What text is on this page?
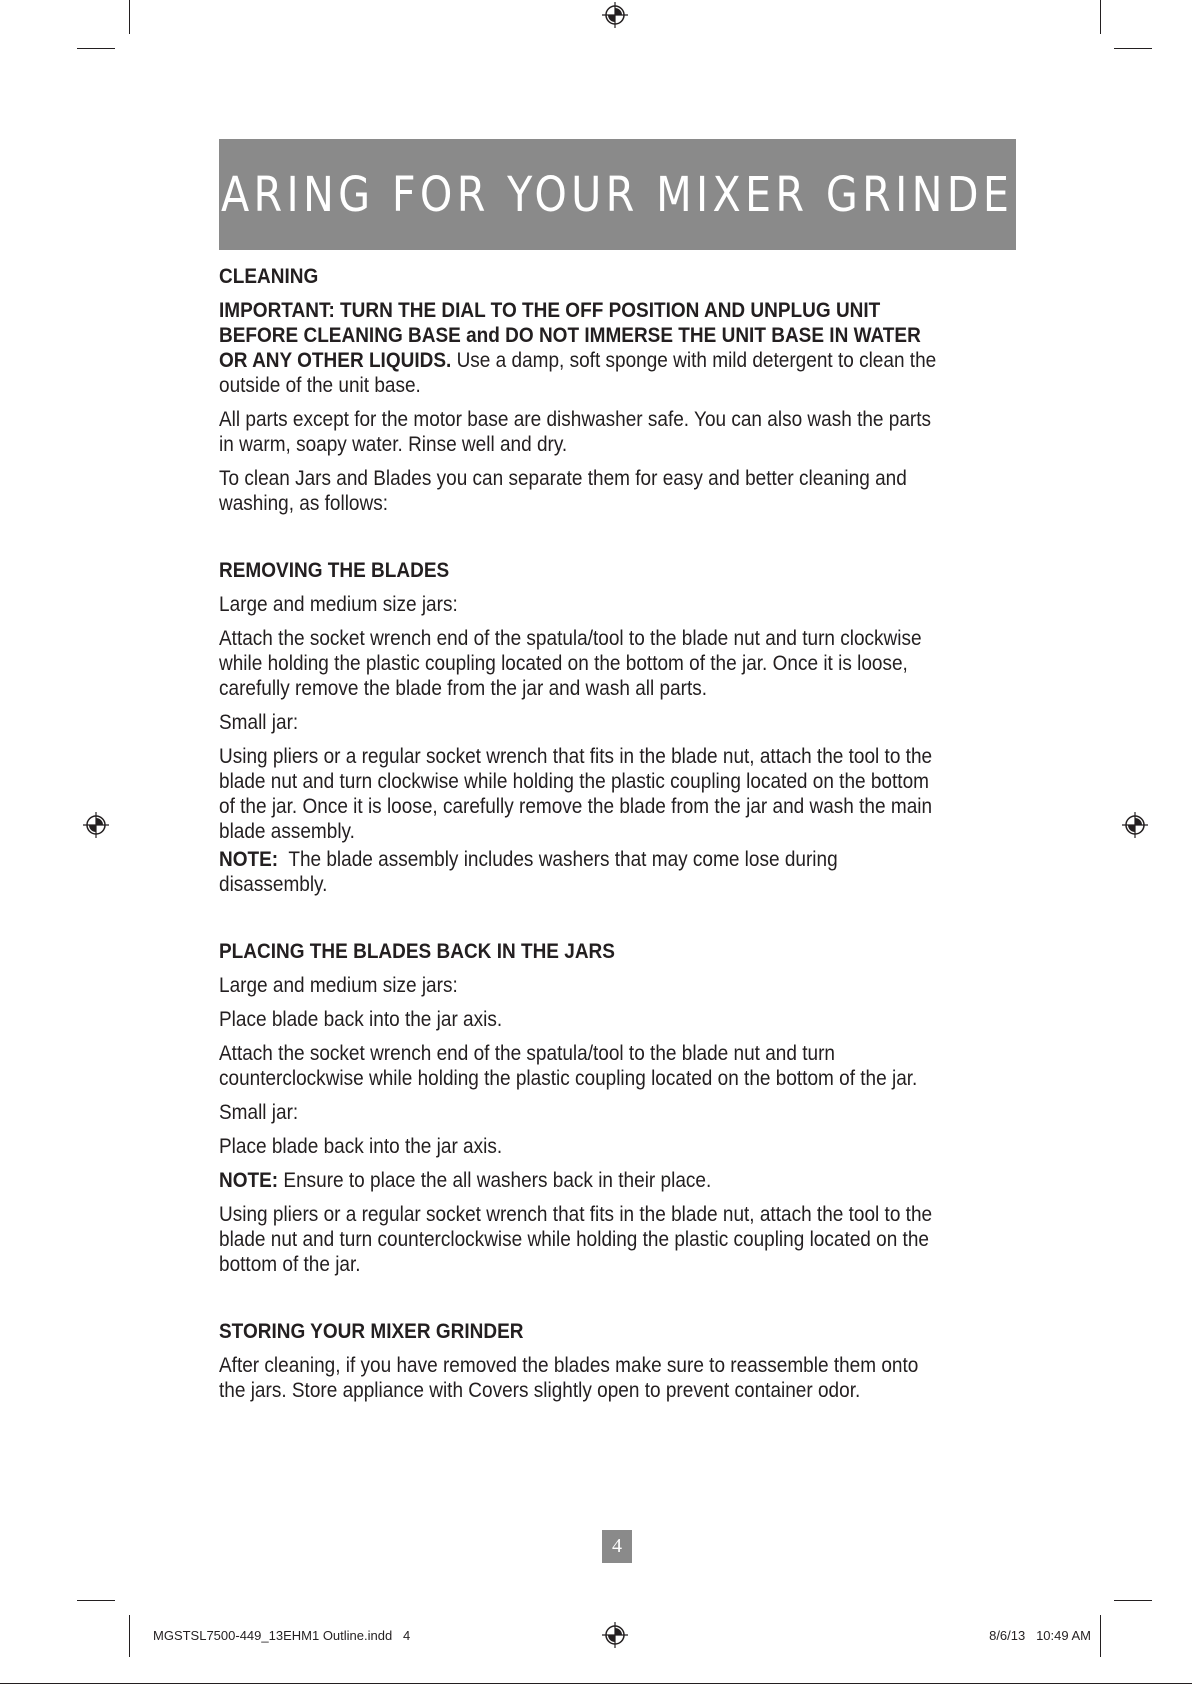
CARING FOR YOUR MIXER GRINDER
CLEANING

IMPORTANT: TURN THE DIAL TO THE OFF POSITION AND UNPLUG UNIT BEFORE CLEANING BASE and DO NOT IMMERSE THE UNIT BASE IN WATER OR ANY OTHER LIQUIDS. Use a damp, soft sponge with mild detergent to clean the outside of the unit base.

All parts except for the motor base are dishwasher safe. You can also wash the parts in warm, soapy water. Rinse well and dry.

To clean Jars and Blades you can separate them for easy and better cleaning and washing, as follows:

REMOVING THE BLADES

Large and medium size jars:

Attach the socket wrench end of the spatula/tool to the blade nut and turn clockwise while holding the plastic coupling located on the bottom of the jar. Once it is loose, carefully remove the blade from the jar and wash all parts.

Small jar:

Using pliers or a regular socket wrench that fits in the blade nut, attach the tool to the blade nut and turn clockwise while holding the plastic coupling located on the bottom of the jar. Once it is loose, carefully remove the blade from the jar and wash the main blade assembly.

NOTE:  The blade assembly includes washers that may come lose during disassembly.

PLACING THE BLADES BACK IN THE JARS

Large and medium size jars:

Place blade back into the jar axis.

Attach the socket wrench end of the spatula/tool to the blade nut and turn counterclockwise while holding the plastic coupling located on the bottom of the jar.

Small jar:

Place blade back into the jar axis.

NOTE: Ensure to place the all washers back in their place.

Using pliers or a regular socket wrench that fits in the blade nut, attach the tool to the blade nut and turn counterclockwise while holding the plastic coupling located on the bottom of the jar.

STORING YOUR MIXER GRINDER

After cleaning, if you have removed the blades make sure to reassemble them onto the jars. Store appliance with Covers slightly open to prevent container odor.

4
MGSTSL7500-449_13EHM1 Outline.indd   4	8/6/13   10:49 AM
